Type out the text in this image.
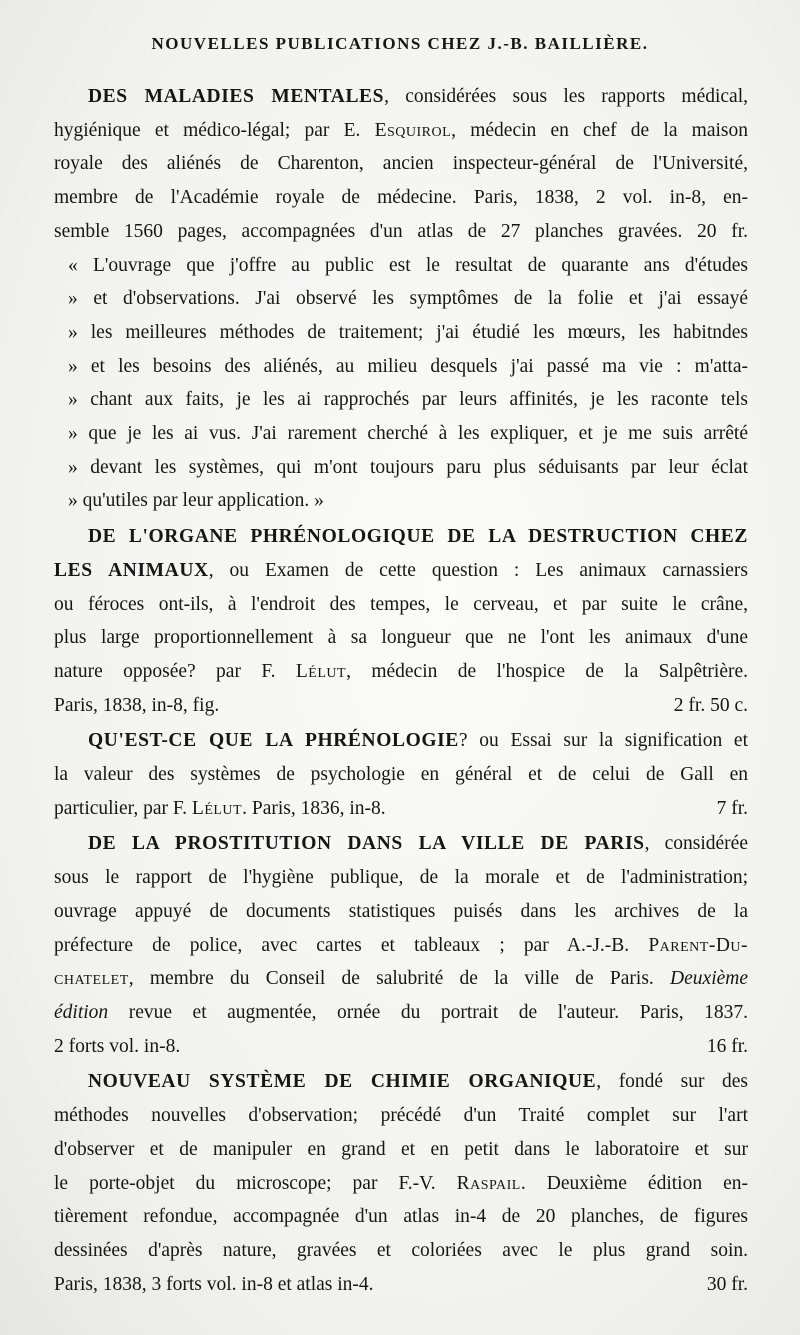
NOUVELLES PUBLICATIONS CHEZ J.-B. BAILLIÈRE.
DES MALADIES MENTALES, considérées sous les rapports médical,
hygiénique et médico-légal; par E. Esquirol, médecin en chef de la maison
royale des aliénés de Charenton, ancien inspecteur-général de l'Université,
membre de l'Académie royale de médecine. Paris, 1838, 2 vol. in-8, en-
semble 1560 pages, accompagnées d'un atlas de 27 planches gravées. 20 fr.
« L'ouvrage que j'offre au public est le resultat de quarante ans d'études
» et d'observations. J'ai observé les symptômes de la folie et j'ai essayé
» les meilleures méthodes de traitement; j'ai étudié les mœurs, les habitndes
» et les besoins des aliénés, au milieu desquels j'ai passé ma vie : m'atta-
» chant aux faits, je les ai rapprochés par leurs affinités, je les raconte tels
» que je les ai vus. J'ai rarement cherché à les expliquer, et je me suis arrêté
» devant les systèmes, qui m'ont toujours paru plus séduisants par leur éclat
» qu'utiles par leur application. »
DE L'ORGANE PHRÉNOLOGIQUE DE LA DESTRUCTION CHEZ
LES ANIMAUX, ou Examen de cette question : Les animaux carnassiers
ou féroces ont-ils, à l'endroit des tempes, le cerveau, et par suite le crâne,
plus large proportionnellement à sa longueur que ne l'ont les animaux d'une
nature opposée? par F. Lélut, médecin de l'hospice de la Salpêtrière.
Paris, 1838, in-8, fig.	2 fr. 50 c.
QU'EST-CE QUE LA PHRÉNOLOGIE? ou Essai sur la signification et
la valeur des systèmes de psychologie en général et de celui de Gall en
particulier, par F. Lélut. Paris, 1836, in-8.	7 fr.
DE LA PROSTITUTION DANS LA VILLE DE PARIS, considérée
sous le rapport de l'hygiène publique, de la morale et de l'administration;
ouvrage appuyé de documents statistiques puisés dans les archives de la
préfecture de police, avec cartes et tableaux ; par A.-J.-B. Parent-Du-
chatelet, membre du Conseil de salubrité de la ville de Paris. Deuxième
édition revue et augmentée, ornée du portrait de l'auteur. Paris, 1837.
2 forts vol. in-8.	16 fr.
NOUVEAU SYSTÈME DE CHIMIE ORGANIQUE, fondé sur des
méthodes nouvelles d'observation; précédé d'un Traité complet sur l'art
d'observer et de manipuler en grand et en petit dans le laboratoire et sur
le porte-objet du microscope; par F.-V. Raspail. Deuxième édition en-
tièrement refondue, accompagnée d'un atlas in-4 de 20 planches, de figures
dessinées d'après nature, gravées et coloriées avec le plus grand soin.
Paris, 1838, 3 forts vol. in-8 et atlas in-4.	30 fr.
